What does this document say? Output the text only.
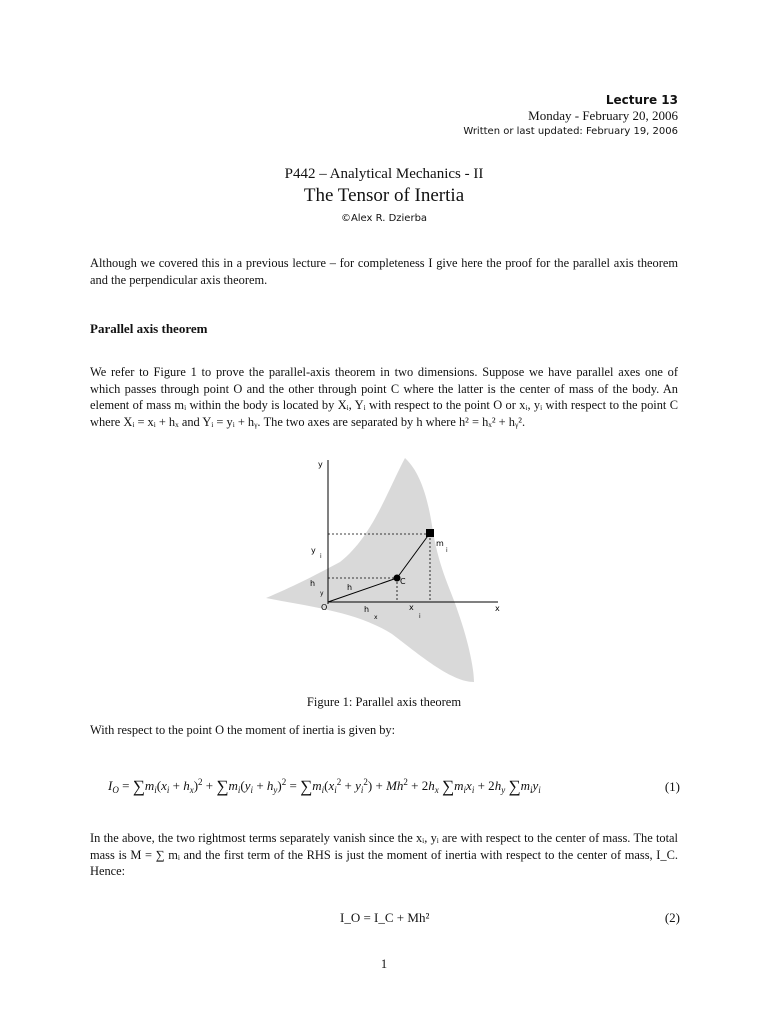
Lecture 13
Monday - February 20, 2006
Written or last updated: February 19, 2006
P442 – Analytical Mechanics - II
The Tensor of Inertia
©Alex R. Dzierba
Although we covered this in a previous lecture – for completeness I give here the proof for the parallel axis theorem and the perpendicular axis theorem.
Parallel axis theorem
We refer to Figure 1 to prove the parallel-axis theorem in two dimensions. Suppose we have parallel axes one of which passes through point O and the other through point C where the latter is the center of mass of the body. An element of mass mᵢ within the body is located by Xᵢ, Yᵢ with respect to the point O or xᵢ, yᵢ with respect to the point C where Xᵢ = xᵢ + hₓ and Yᵢ = yᵢ + hᵧ. The two axes are separated by h where h² = hₓ² + hᵧ².
y
y
i
h
y
O	h
x
x
i
x
h
C
m
i
Figure 1: Parallel axis theorem
With respect to the point O the moment of inertia is given by:
$I_O = \sum m_i(x_i + h_x)^2 + \sum m_i(y_i + h_y)^2 = \sum m_i(x_i^2 + y_i^2) + Mh^2 + 2h_x$ $\sum m_ix_i + 2h_y$ $\sum m_iy_i$	(1)
In the above, the two rightmost terms separately vanish since the xᵢ, yᵢ are with respect to the center of mass. The total mass is M = ∑ mᵢ and the first term of the RHS is just the moment of inertia with respect to the center of mass, I_C. Hence:
I_O = I_C + Mh²	(2)
1
